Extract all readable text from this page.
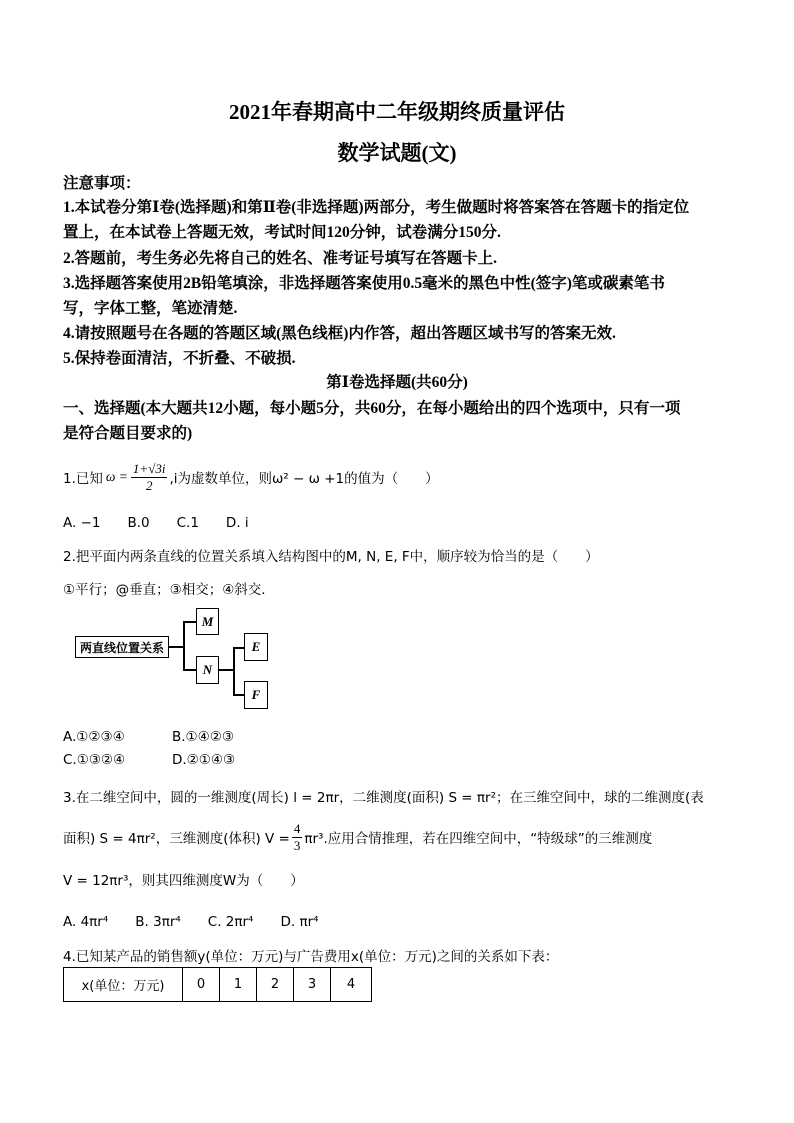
2021年春期高中二年级期终质量评估
数学试题(文)
注意事项：
1.本试卷分第Ⅰ卷(选择题)和第Ⅱ卷(非选择题)两部分，考生做题时将答案答在答题卡的指定位
置上，在本试卷上答题无效，考试时间120分钟，试卷满分150分.
2.答题前，考生务必先将自己的姓名、准考证号填写在答题卡上.
3.选择题答案使用2B铅笔填涂，非选择题答案使用0.5毫米的黑色中性(签字)笔或碳素笔书
写，字体工整，笔迹清楚.
4.请按照题号在各题的答题区域(黑色线框)内作答，超出答题区域书写的答案无效.
5.保持卷面清洁，不折叠、不破损.
第Ⅰ卷选择题(共60分)
一、选择题(本大题共12小题，每小题5分，共60分，在每小题给出的四个选项中，只有一项
是符合题目要求的)
1.已知 $\omega = \frac{1+√3i}{2} ,i$为虚数单位，则ω² − ω +1的值为（　　）
A. −1　　B.0　　C.1　　D. i
2.把平面内两条直线的位置关系填入结构图中的M, N, E, F中，顺序较为恰当的是（　　）
①平行；@垂直；③相交；④斜交.
两直线位置关系
M
N
E
F
A.①②③④	B.①④②③
C.①③②④	D.②①④③
3.在二维空间中，圆的一维测度(周长) l = 2πr，二维测度(面积) S = πr²；在三维空间中，球的二维测度(表
面积) S = 4πr²，三维测度(体积) $V = \frac{4}{3} \pi r^3$.应用合情推理，若在四维空间中，“特级球”的三维测度
V = 12πr³，则其四维测度W为（　　）
A. 4πr⁴　　B. 3πr⁴　　C. 2πr⁴　　D. πr⁴
4.已知某产品的销售额y(单位：万元)与广告费用x(单位：万元)之间的关系如下表：
x(单位：万元)	0	1	2	3	4
